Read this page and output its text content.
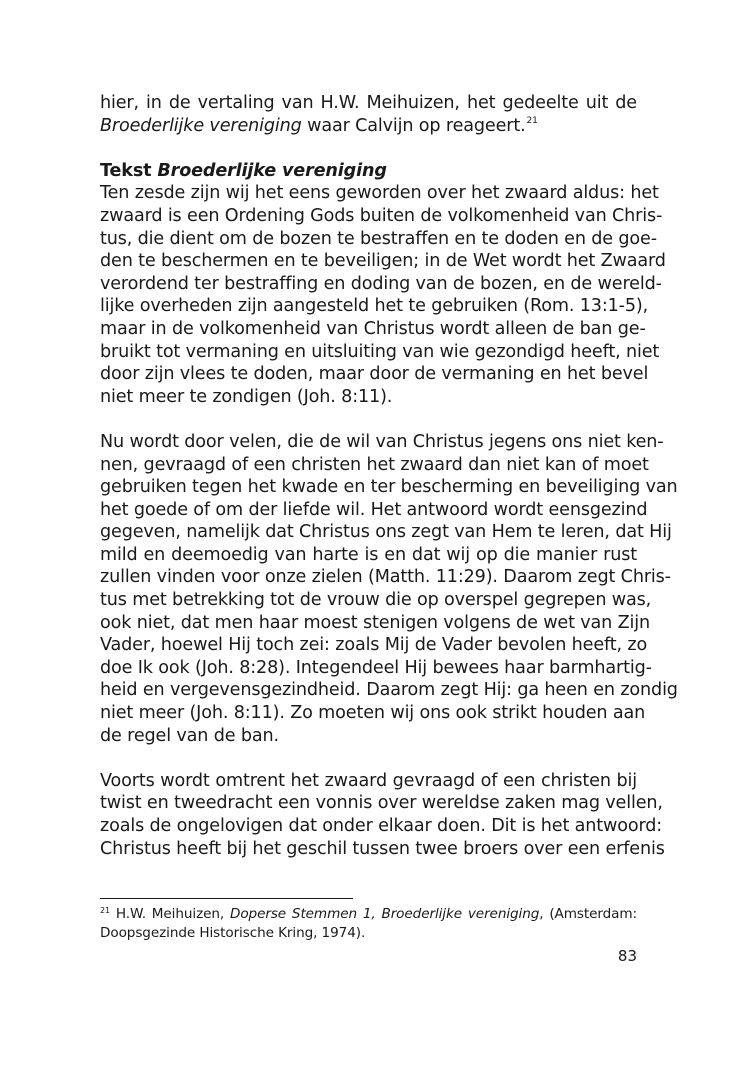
hier, in de vertaling van H.W. Meihuizen, het gedeelte uit de
Broederlijke vereniging waar Calvijn op reageert.$^{21}$
Tekst Broederlijke vereniging
Ten zesde zijn wij het eens geworden over het zwaard aldus: het
zwaard is een Ordening Gods buiten de volkomenheid van Chris-
tus, die dient om de bozen te bestraffen en te doden en de goe-
den te beschermen en te beveiligen; in de Wet wordt het Zwaard
verordend ter bestraffing en doding van de bozen, en de wereld-
lijke overheden zijn aangesteld het te gebruiken (Rom. 13:1-5),
maar in de volkomenheid van Christus wordt alleen de ban ge-
bruikt tot vermaning en uitsluiting van wie gezondigd heeft, niet
door zijn vlees te doden, maar door de vermaning en het bevel
niet meer te zondigen (Joh. 8:11).
Nu wordt door velen, die de wil van Christus jegens ons niet ken-
nen, gevraagd of een christen het zwaard dan niet kan of moet
gebruiken tegen het kwade en ter bescherming en beveiliging van
het goede of om der liefde wil. Het antwoord wordt eensgezind
gegeven, namelijk dat Christus ons zegt van Hem te leren, dat Hij
mild en deemoedig van harte is en dat wij op die manier rust
zullen vinden voor onze zielen (Matth. 11:29). Daarom zegt Chris-
tus met betrekking tot de vrouw die op overspel gegrepen was,
ook niet, dat men haar moest stenigen volgens de wet van Zijn
Vader, hoewel Hij toch zei: zoals Mij de Vader bevolen heeft, zo
doe Ik ook (Joh. 8:28). Integendeel Hij bewees haar barmhartig-
heid en vergevensgezindheid. Daarom zegt Hij: ga heen en zondig
niet meer (Joh. 8:11). Zo moeten wij ons ook strikt houden aan
de regel van de ban.
Voorts wordt omtrent het zwaard gevraagd of een christen bij
twist en tweedracht een vonnis over wereldse zaken mag vellen,
zoals de ongelovigen dat onder elkaar doen. Dit is het antwoord:
Christus heeft bij het geschil tussen twee broers over een erfenis
$^{21}$ H.W. Meihuizen, Doperse Stemmen 1, Broederlijke vereniging, (Amsterdam:
Doopsgezinde Historische Kring, 1974).
83
